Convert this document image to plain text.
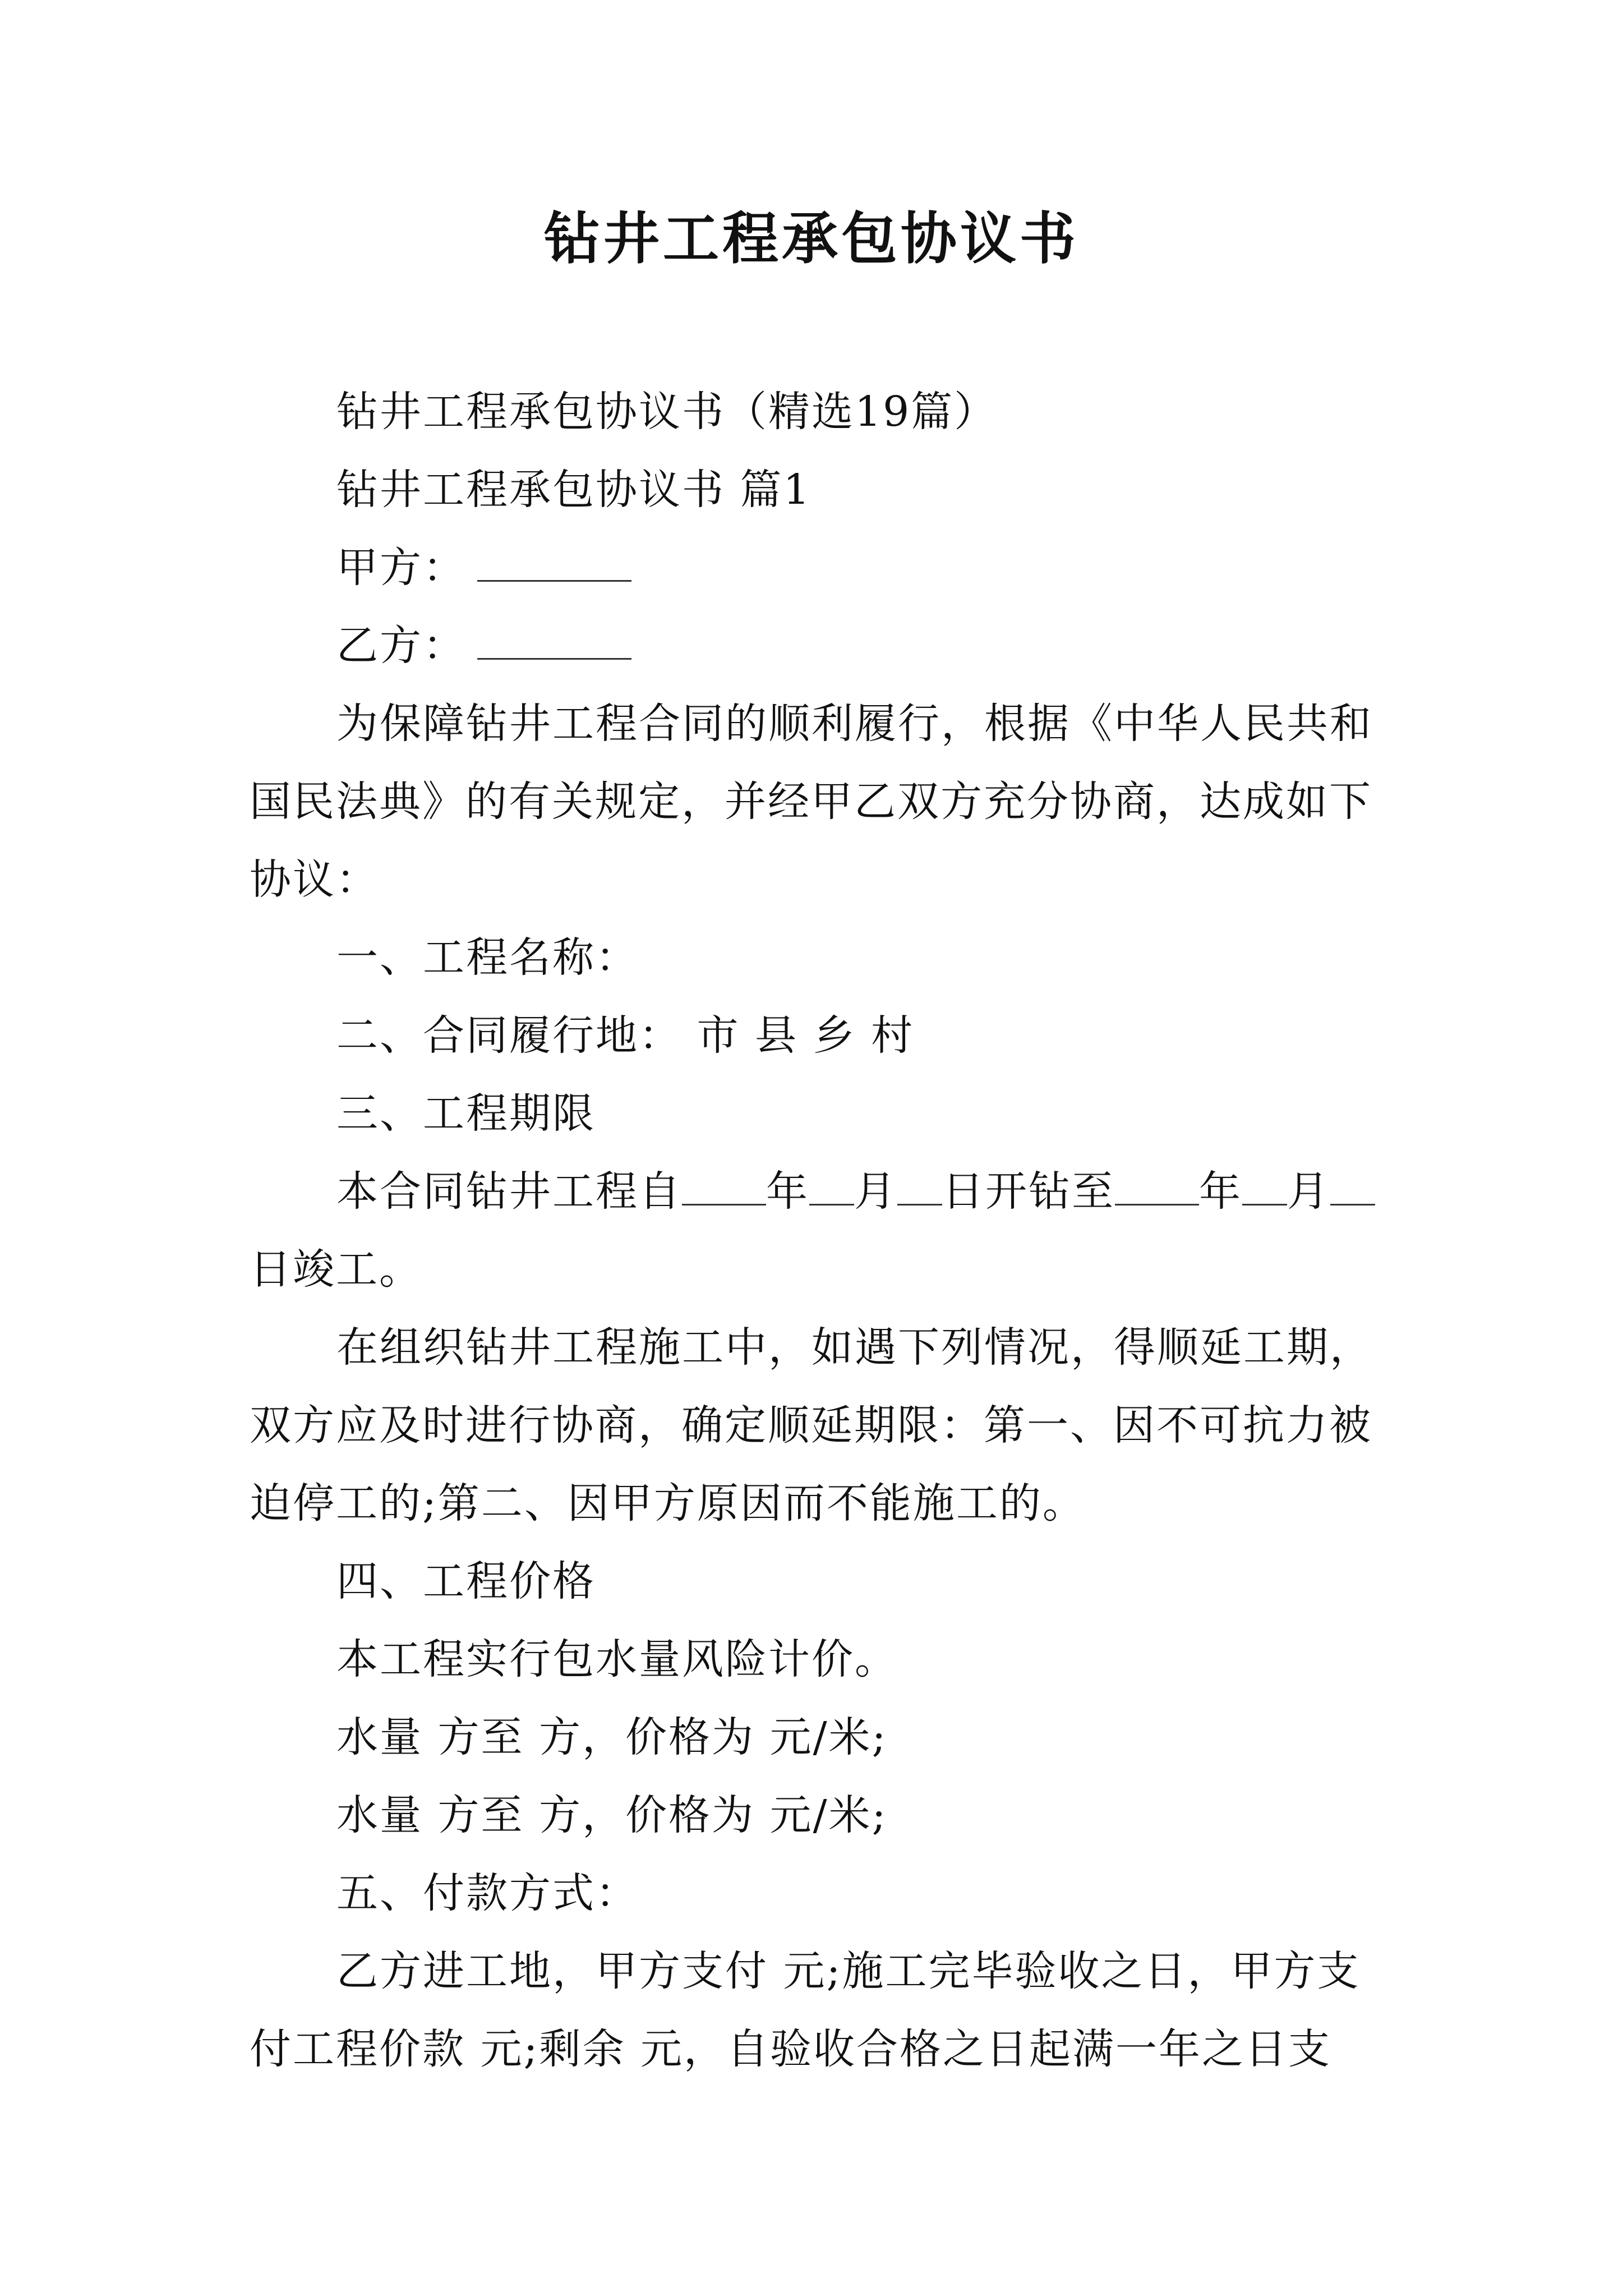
钻井工程承包协议书

钻井工程承包协议书（精选19篇）

钻井工程承包协议书 篇1

甲方：

乙方：

为保障钻井工程合同的顺利履行，根据《中华人民共和国民法典》的有关规定，并经甲乙双方充分协商，达成如下协议：

一、工程名称：

二、合同履行地： 市 县 乡 村

三、工程期限

本合同钻井工程自 年 月 日开钻至 年 月日竣工。

在组织钻井工程施工中，如遇下列情况，得顺延工期，双方应及时进行协商，确定顺延期限：第一、因不可抗力被迫停工的;第二、因甲方原因而不能施工的。

四、工程价格

本工程实行包水量风险计价。

水量 方至 方，价格为 元/米;

水量 方至 方，价格为 元/米;

五、付款方式：

乙方进工地，甲方支付 元;施工完毕验收之日，甲方支付工程价款 元;剩余 元，自验收合格之日起满一年之日支
